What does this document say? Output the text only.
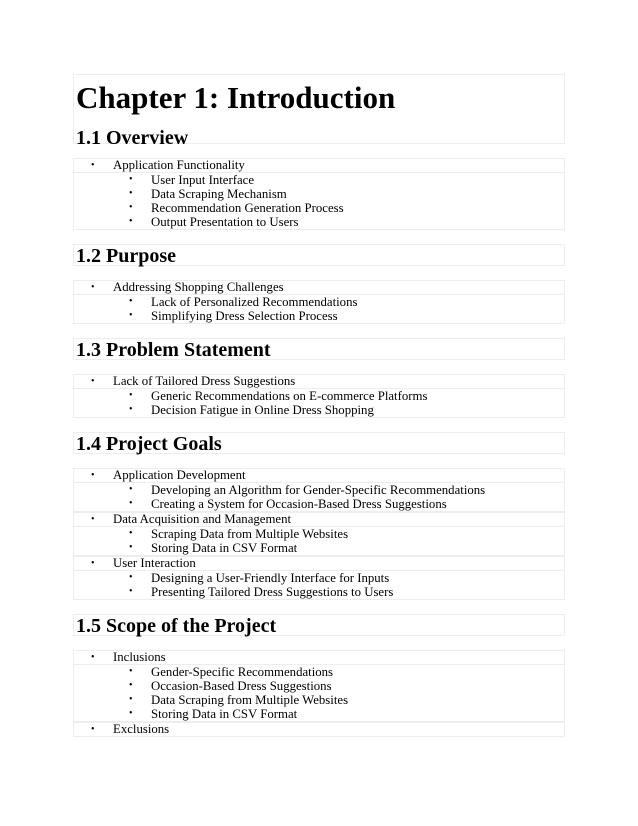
Chapter 1: Introduction
1.1 Overview
• Application Functionality
• User Input Interface
• Data Scraping Mechanism
• Recommendation Generation Process
• Output Presentation to Users
1.2 Purpose
• Addressing Shopping Challenges
• Lack of Personalized Recommendations
• Simplifying Dress Selection Process
1.3 Problem Statement
• Lack of Tailored Dress Suggestions
• Generic Recommendations on E-commerce Platforms
• Decision Fatigue in Online Dress Shopping
1.4 Project Goals
• Application Development
• Developing an Algorithm for Gender-Specific Recommendations
• Creating a System for Occasion-Based Dress Suggestions
• Data Acquisition and Management
• Scraping Data from Multiple Websites
• Storing Data in CSV Format
• User Interaction
• Designing a User-Friendly Interface for Inputs
• Presenting Tailored Dress Suggestions to Users
1.5 Scope of the Project
• Inclusions
• Gender-Specific Recommendations
• Occasion-Based Dress Suggestions
• Data Scraping from Multiple Websites
• Storing Data in CSV Format
• Exclusions
